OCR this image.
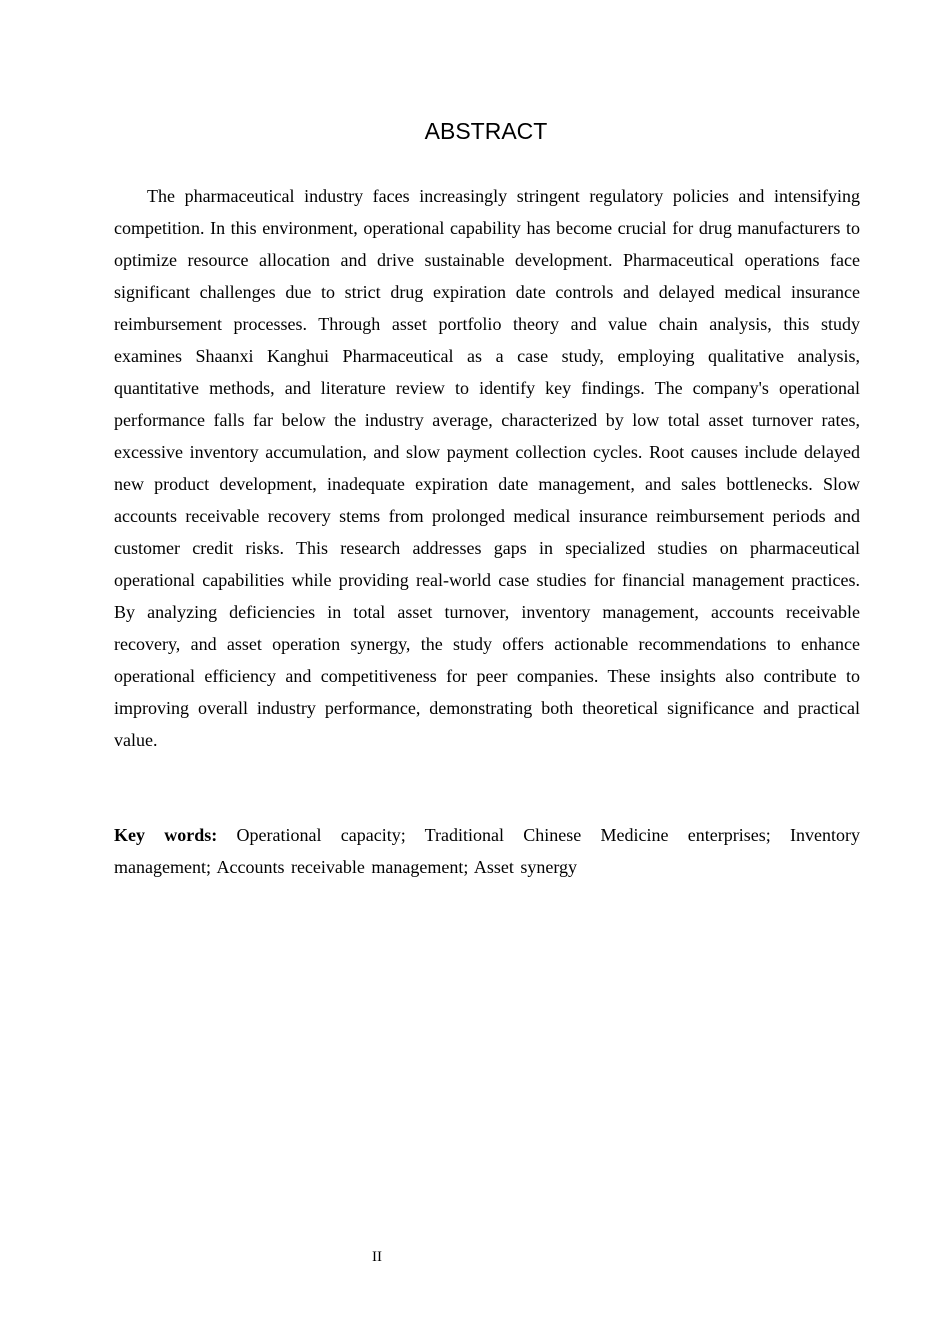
ABSTRACT

The pharmaceutical industry faces increasingly stringent regulatory policies and intensifying competition. In this environment, operational capability has become crucial for drug manufacturers to optimize resource allocation and drive sustainable development. Pharmaceutical operations face significant challenges due to strict drug expiration date controls and delayed medical insurance reimbursement processes. Through asset portfolio theory and value chain analysis, this study examines Shaanxi Kanghui Pharmaceutical as a case study, employing qualitative analysis, quantitative methods, and literature review to identify key findings. The company's operational performance falls far below the industry average, characterized by low total asset turnover rates, excessive inventory accumulation, and slow payment collection cycles. Root causes include delayed new product development, inadequate expiration date management, and sales bottlenecks. Slow accounts receivable recovery stems from prolonged medical insurance reimbursement periods and customer credit risks. This research addresses gaps in specialized studies on pharmaceutical operational capabilities while providing real-world case studies for financial management practices. By analyzing deficiencies in total asset turnover, inventory management, accounts receivable recovery, and asset operation synergy, the study offers actionable recommendations to enhance operational efficiency and competitiveness for peer companies. These insights also contribute to improving overall industry performance, demonstrating both theoretical significance and practical value.

Key words: Operational capacity; Traditional Chinese Medicine enterprises; Inventory management; Accounts receivable management; Asset synergy

II
